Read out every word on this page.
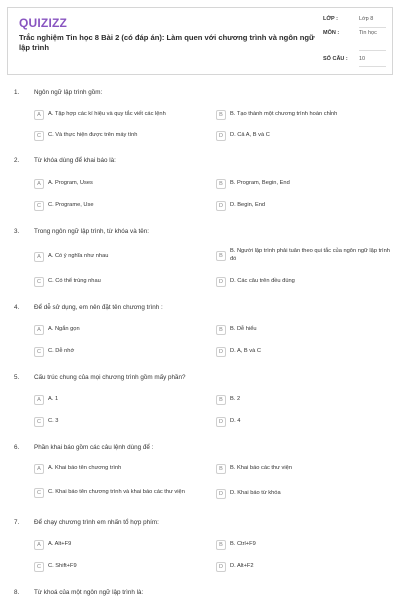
QUIZIZZ
Trắc nghiệm Tin học 8 Bài 2 (có đáp án): Làm quen với chương trình và ngôn ngữ lập trình
LỚP :	Lớp 8
MÔN :	Tin học
SỐ CÂU :	10
1. Ngôn ngữ lập trình gồm:
A	A. Tập hợp các kí hiệu và quy tắc viết các lệnh	B	B. Tạo thành một chương trình hoàn chỉnh
C	C. Và thực hiện được trên máy tính	D	D. Cả A, B và C
2. Từ khóa dùng để khai báo là:
A	A. Program, Uses	B	B. Program, Begin, End
C	C. Programe, Use	D	D. Begin, End
3. Trong ngôn ngữ lập trình, từ khóa và tên:
A	A. Có ý nghĩa như nhau	B
B. Người lập trình phải tuân theo qui tắc của ngôn ngữ lập trình đó
C	C. Có thể trùng nhau	D	D. Các câu trên đều đúng
4. Để dễ sử dụng, em nên đặt tên chương trình :
A	A. Ngắn gọn	B	B. Dễ hiểu
C	C. Dễ nhớ	D	D. A, B và C
5. Cấu trúc chung của mọi chương trình gồm mấy phần?
A	A. 1	B	B. 2
C	C. 3	D	D. 4
6. Phần khai báo gồm các câu lệnh dùng để :
A	A. Khai báo tên chương trình	B	B. Khai báo các thư viện
C	C. Khai báo tên chương trình và khai báo các thư viện	D	D. Khai báo từ khóa
7. Để chạy chương trình em nhấn tổ hợp phím:
A	A. Alt+F9	B	B. Ctrl+F9
C	C. Shift+F9	D	D. Alt+F2
8. Từ khoá của một ngôn ngữ lập trình là:
